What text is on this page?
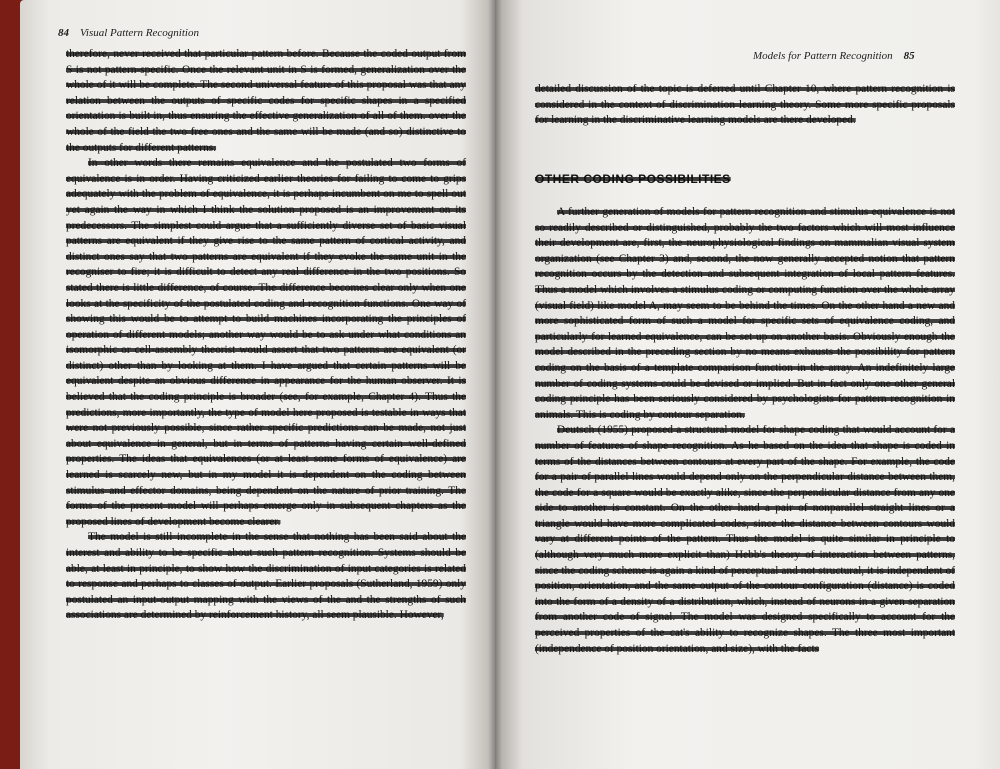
84 Visual Pattern Recognition

therefore, never received that particular pattern before. Because the coded output from S is not pattern-specific. Once the relevant unit in S is formed, generalization over the whole of it will be complete. The second universal feature of this proposal was that any relation between the outputs of specific codes for specific shapes in a specified orientation is built in, thus ensuring the effective generalization of all of them. over the whole of the field the two free ones and the same will be made (and so) distinctive to the outputs for different patterns.

In other words there remains equivalence and the postulated two forms of equivalence is in order. Having criticized earlier theories for failing to come to grips adequately with the problem of equivalence, it is perhaps incumbent on me to spell out yet again the way in which I think the solution proposed is an improvement on its predecessors. The simplest could argue that a sufficiently diverse set of basic visual patterns are equivalent if they give rise to the same pattern of cortical activity, and distinct ones say that two patterns are equivalent if they evoke the same unit in the recogniser to fire; it is difficult to detect any real difference in the two positions. So stated there is little difference, of course. The difference becomes clear only when one looks at the specificity of the postulated coding and recognition functions. One way of showing this would be to attempt to build machines incorporating the principles of operation of different models; another way would be to ask under what conditions an isomorphic or cell-assembly theorist would assert that two patterns are equivalent (or distinct) other than by looking at them. I have argued that certain patterns will be equivalent despite an obvious difference in appearance for the human observer. It is believed that the coding principle is broader (see, for example, Chapter 4). Thus the predictions, more importantly, the type of model here proposed is testable in ways that were not previously possible, since rather specific predictions can be made, not just about equivalence in general, but in terms of patterns having certain well-defined properties. The ideas that equivalences (or at least some forms of equivalence) are learned is scarcely new, but in my model it is dependent on the coding between stimulus and effector domains, being dependent on the nature of prior training. The forms of the present model will perhaps emerge only in subsequent chapters as the proposed lines of development become clearer.

The model is still incomplete in the sense that nothing has been said about the interest and ability to be specific about such pattern recognition. Systems should be able, at least in principle, to show how the discrimination of input categories is related to response and perhaps to classes of output. Earlier proposals (Sutherland, 1959) only postulated an input-output mapping with the views of the and the strengths of such associations are determined by reinforcement history, all seem plausible. However,

Models for Pattern Recognition 85

detailed discussion of the topic is deferred until Chapter 10, where pattern recognition is considered in the context of discrimination learning theory. Some more specific proposals for learning in the discriminative learning models are there developed.

OTHER CODING POSSIBILITIES

A further generation of models for pattern recognition and stimulus equivalence is not so readily described or distinguished, probably the two factors which will most influence their development are, first, the neurophysiological findings on mammalian visual system organization (see Chapter 3) and, second, the now generally accepted notion that pattern recognition occurs by the detection and subsequent integration of local pattern features. Thus a model which involves a stimulus coding or computing function over the whole array (visual field) like model A, may seem to be behind the times. On the other hand a new and more sophisticated form of such a model for specific sets of equivalence coding, and particularly for learned equivalence, can be set up on another basis. Obviously enough the model described in the preceding section by no means exhausts the possibility for pattern coding on the basis of a template comparison function in the array. An indefinitely large number of coding systems could be devised or implied. But in fact only one other general coding principle has been seriously considered by psychologists for pattern recognition in animals. This is coding by contour separation.

Deutsch (1955) proposed a structural model for shape coding that would account for a number of features of shape recognition. As he based on the idea that shape is coded in terms of the distances between contours at every part of the shape. For example, the code for a pair of parallel lines would depend only on the perpendicular distance between them, the code for a square would be exactly alike, since the perpendicular distance from any one side to another is constant. On the other hand a pair of nonparallel straight lines or a triangle would have more complicated codes, since the distance between contours would vary at different points of the pattern. Thus the model is quite similar in principle to (although very much more explicit than) Hebb's theory of interaction between patterns, since the coding scheme is again a kind of perceptual and not structural, it is independent of position, orientation, and the same output of the contour configuration (distance) is coded into the form of a density of a distribution, which, instead of neurons in a given separation from another code of signal. The model was designed specifically to account for the perceived properties of the cat's ability to recognize shapes. The three most important (independence of position orientation, and size), with the facts
